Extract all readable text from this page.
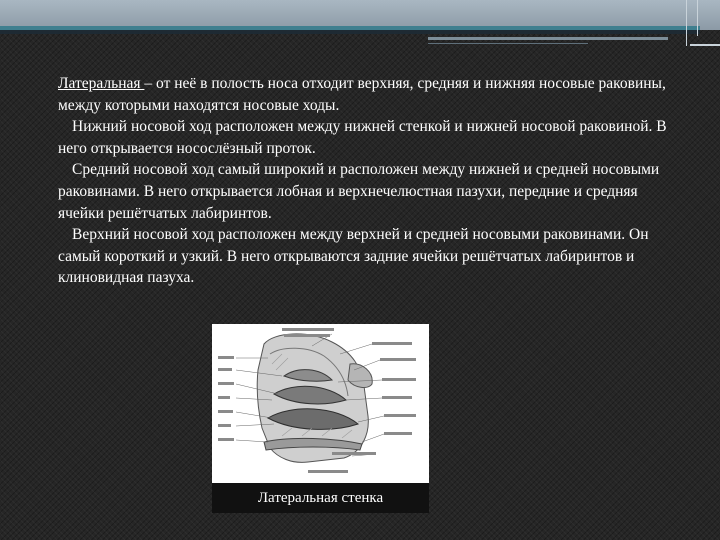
Латеральная – от неё в полость носа отходит верхняя, средняя и нижняя носовые раковины, между которыми находятся носовые ходы.

Нижний носовой ход расположен между нижней стенкой и нижней носовой раковиной. В него открывается носослёзный проток.

Средний носовой ход самый широкий и расположен между нижней и средней носовыми раковинами. В него открывается лобная и верхнечелюстная пазухи, передние и средняя ячейки решётчатых лабиринтов.

Верхний носовой ход расположен между верхней и средней носовыми раковинами. Он самый короткий и узкий. В него открываются задние ячейки решётчатых лабиринтов и клиновидная пазуха.

Латеральная стенка
